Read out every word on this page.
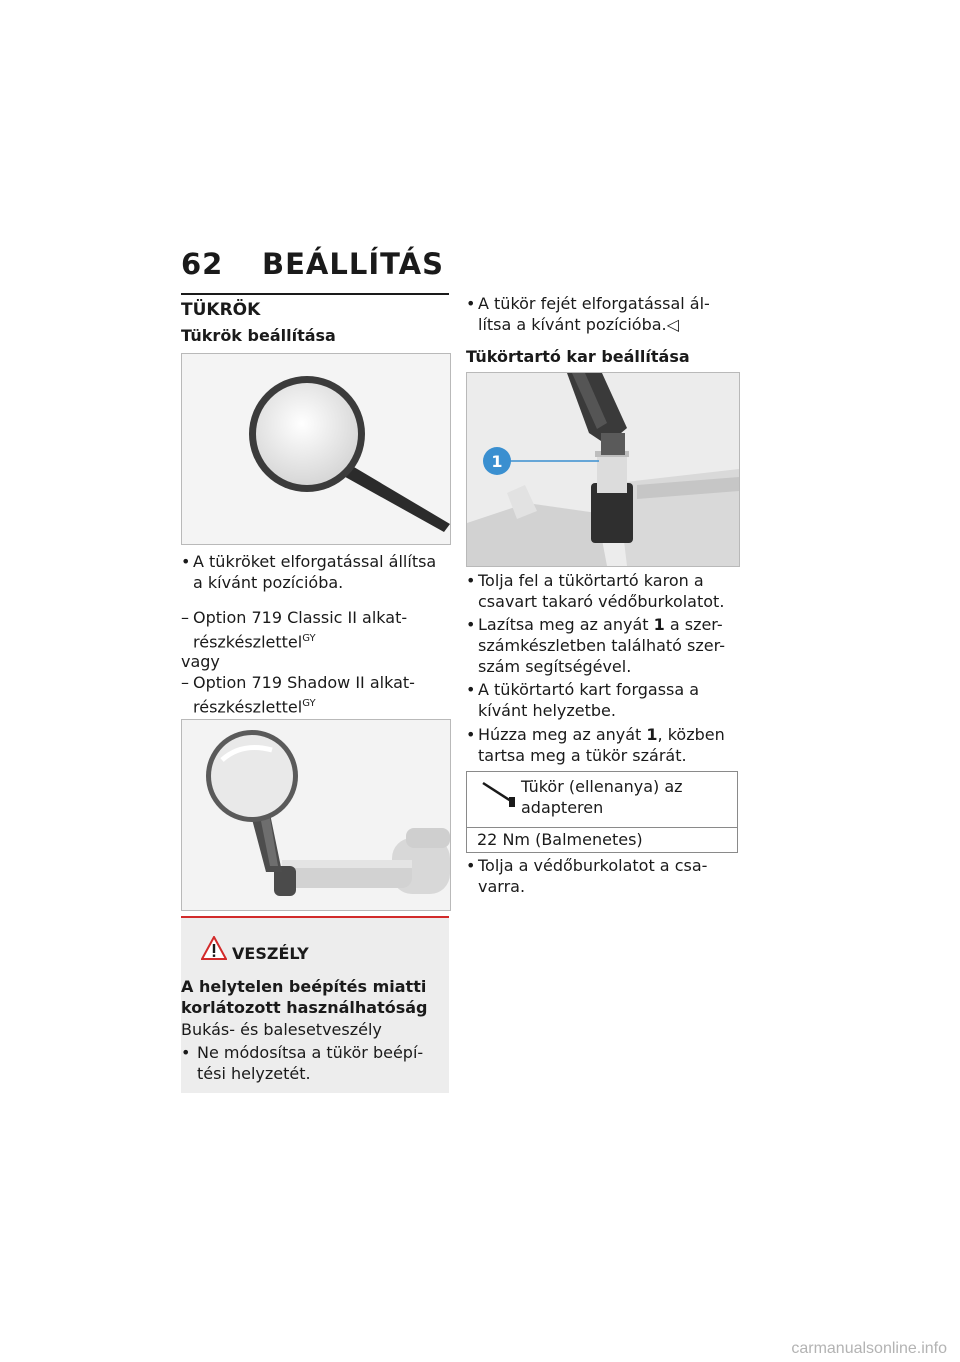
62 BEÁLLÍTÁS
TÜKRÖK
Tükrök beállítása
• A tükröket elforgatással állítsa
a kívánt pozícióba.
– Option 719 Classic II alkat-
részkészlettel$^{GY}$
vagy
– Option 719 Shadow II alkat-
részkészlettel$^{GY}$
VESZÉLY
A helytelen beépítés miatti
korlátozott használhatóság
Bukás- és balesetveszély
• Ne módosítsa a tükör beépí-
tési helyzetét.
• A tükör fejét elforgatással ál-
lítsa a kívánt pozícióba.◁
Tükörtartó kar beállítása
1
• Tolja fel a tükörtartó karon a
csavart takaró védőburkolatot.
• Lazítsa meg az anyát 1 a szer-
számkészletben található szer-
szám segítségével.
• A tükörtartó kart forgassa a
kívánt helyzetbe.
• Húzza meg az anyát 1, közben
tartsa meg a tükör szárát.
Tükör (ellenanya) az
adapteren
22 Nm (Balmenetes)
• Tolja a védőburkolatot a csa-
varra.
carmanualsonline.info
